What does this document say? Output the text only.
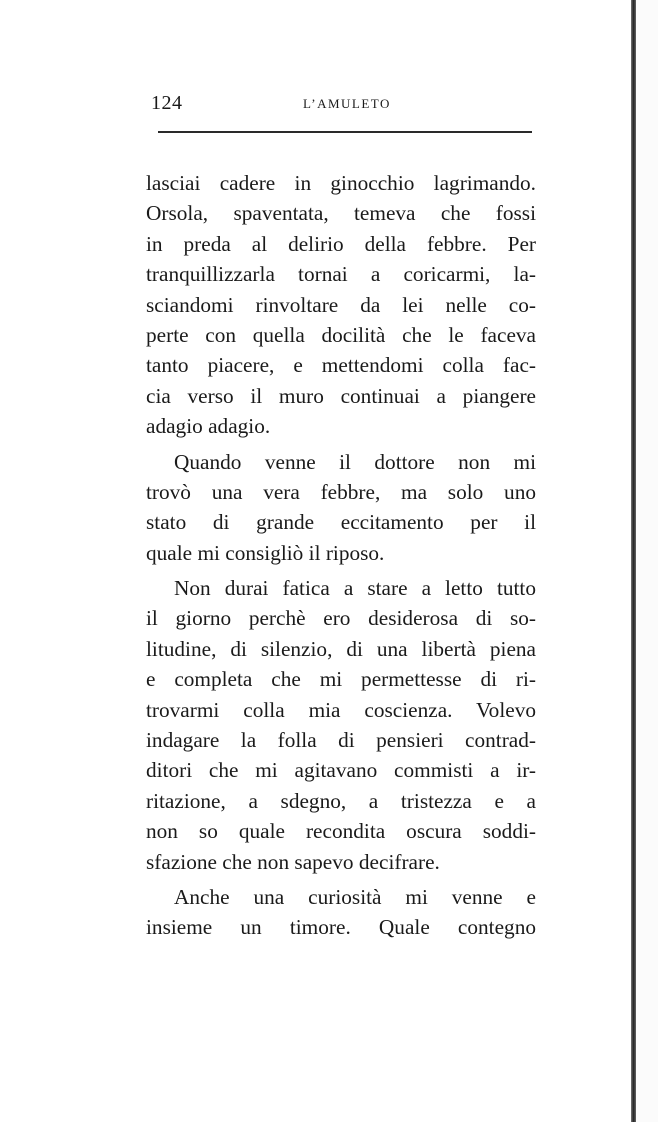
124	L’AMULETO
lasciai cadere in ginocchio lagrimando.
Orsola, spaventata, temeva che fossi
in preda al delirio della febbre. Per
tranquillizzarla tornai a coricarmi, la-
sciandomi rinvoltare da lei nelle co-
perte con quella docilità che le faceva
tanto piacere, e mettendomi colla fac-
cia verso il muro continuai a piangere
adagio adagio.
Quando venne il dottore non mi
trovò una vera febbre, ma solo uno
stato di grande eccitamento per il
quale mi consigliò il riposo.
Non durai fatica a stare a letto tutto
il giorno perchè ero desiderosa di so-
litudine, di silenzio, di una libertà piena
e completa che mi permettesse di ri-
trovarmi colla mia coscienza. Volevo
indagare la folla di pensieri contrad-
ditori che mi agitavano commisti a ir-
ritazione, a sdegno, a tristezza e a
non so quale recondita oscura soddi-
sfazione che non sapevo decifrare.
Anche una curiosità mi venne e
insieme un timore. Quale contegno
